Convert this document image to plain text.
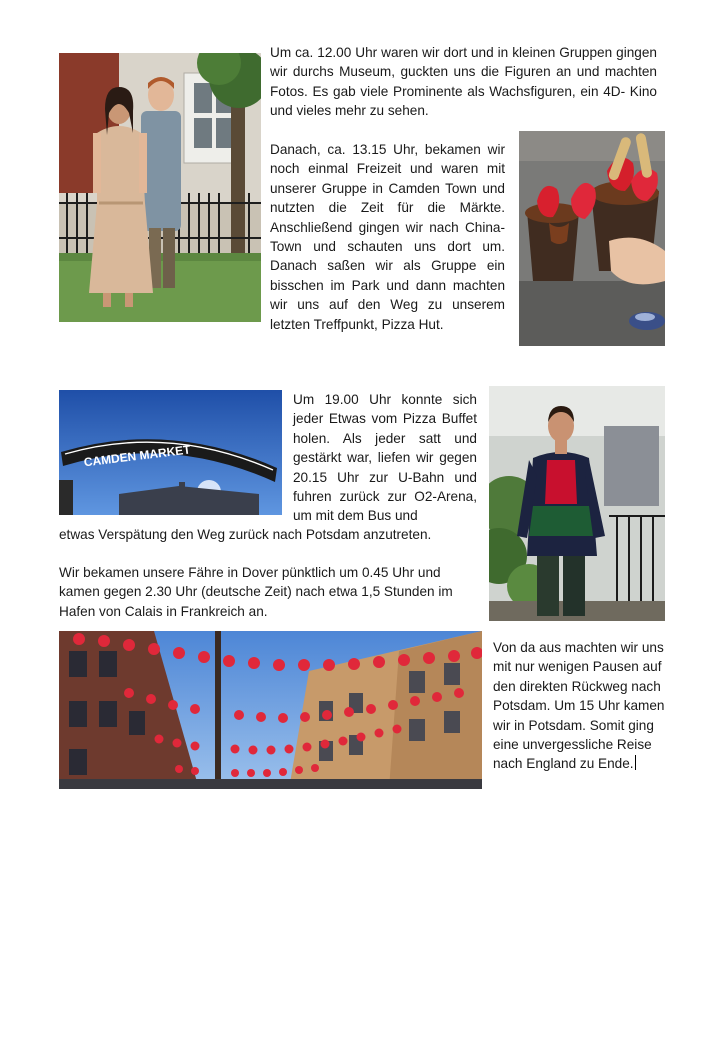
Um ca. 12.00 Uhr waren wir dort und in kleinen Gruppen gingen wir durchs Museum, guckten uns die Figuren an und machten Fotos. Es gab viele Prominente als Wachsfiguren, ein 4D- Kino und vieles mehr zu sehen.

Danach, ca. 13.15 Uhr, bekamen wir noch einmal Freizeit und waren mit unserer Gruppe in Camden Town und nutzten die Zeit für die Märkte. Anschließend gingen wir nach China-Town und schauten uns dort um. Danach saßen wir als Gruppe ein bisschen im Park und dann machten wir uns auf den Weg zu unserem letzten Treffpunkt, Pizza Hut.

CAMDEN MARKET

Um 19.00 Uhr konnte sich jeder Etwas vom Pizza Buffet holen. Als jeder satt und gestärkt war, liefen wir gegen 20.15 Uhr zur U-Bahn und fuhren zurück zur O2-Arena, um mit dem Bus und

etwas Verspätung den Weg zurück nach Potsdam anzutreten.

Wir bekamen unsere Fähre in Dover pünktlich um 0.45 Uhr und kamen gegen 2.30 Uhr (deutsche Zeit) nach etwa 1,5 Stunden im Hafen von Calais in Frankreich an.

Von da aus machten wir uns mit nur wenigen Pausen auf den direkten Rückweg nach Potsdam. Um 15 Uhr kamen wir in Potsdam. Somit ging eine unvergessliche Reise nach England zu Ende.
